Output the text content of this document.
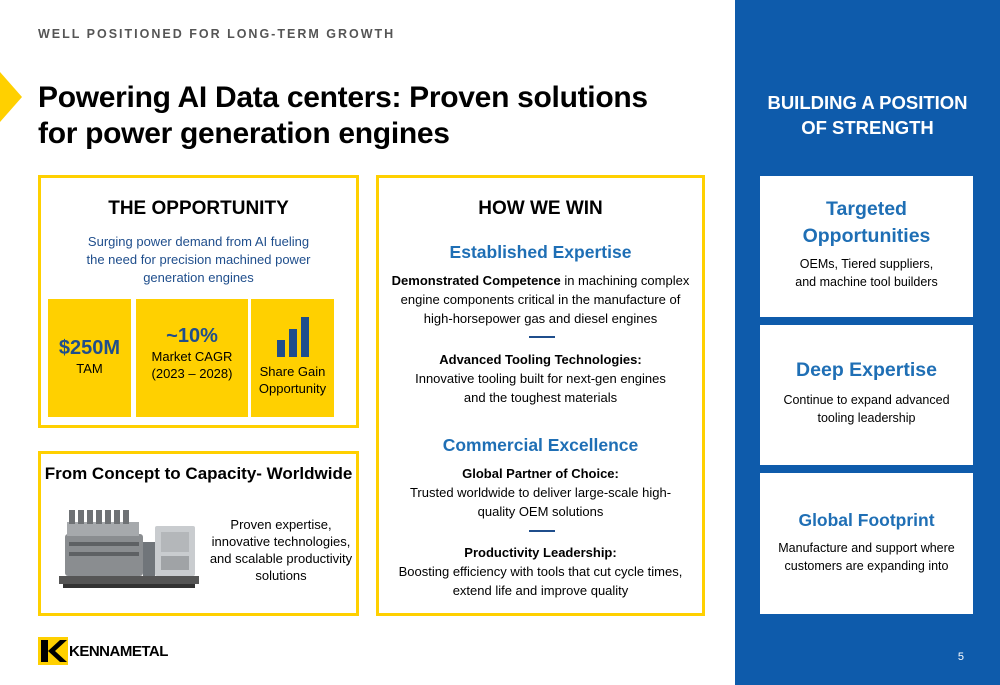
WELL POSITIONED FOR LONG-TERM GROWTH
Powering AI Data centers: Proven solutions
for power generation engines
THE OPPORTUNITY
Surging power demand from AI fueling
the need for precision machined power
generation engines
$250M
TAM
~10%
Market CAGR
(2023 – 2028)	Share Gain
Opportunity
From Concept to Capacity- Worldwide
Proven expertise,
innovative technologies,
and scalable productivity
solutions
HOW WE WIN
Established Expertise
Demonstrated Competence in machining complex
engine components critical in the manufacture of
high-horsepower gas and diesel engines
Advanced Tooling Technologies:
Innovative tooling built for next-gen engines
and the toughest materials
Commercial Excellence
Global Partner of Choice:
Trusted worldwide to deliver large-scale high-
quality OEM solutions
Productivity Leadership:
Boosting efficiency with tools that cut cycle times,
extend life and improve quality
BUILDING A POSITION
OF STRENGTH
Targeted
Opportunities
OEMs, Tiered suppliers,
and machine tool builders
Deep Expertise
Continue to expand advanced
tooling leadership
Global Footprint
Manufacture and support where
customers are expanding into
5
KENNAMETAL
